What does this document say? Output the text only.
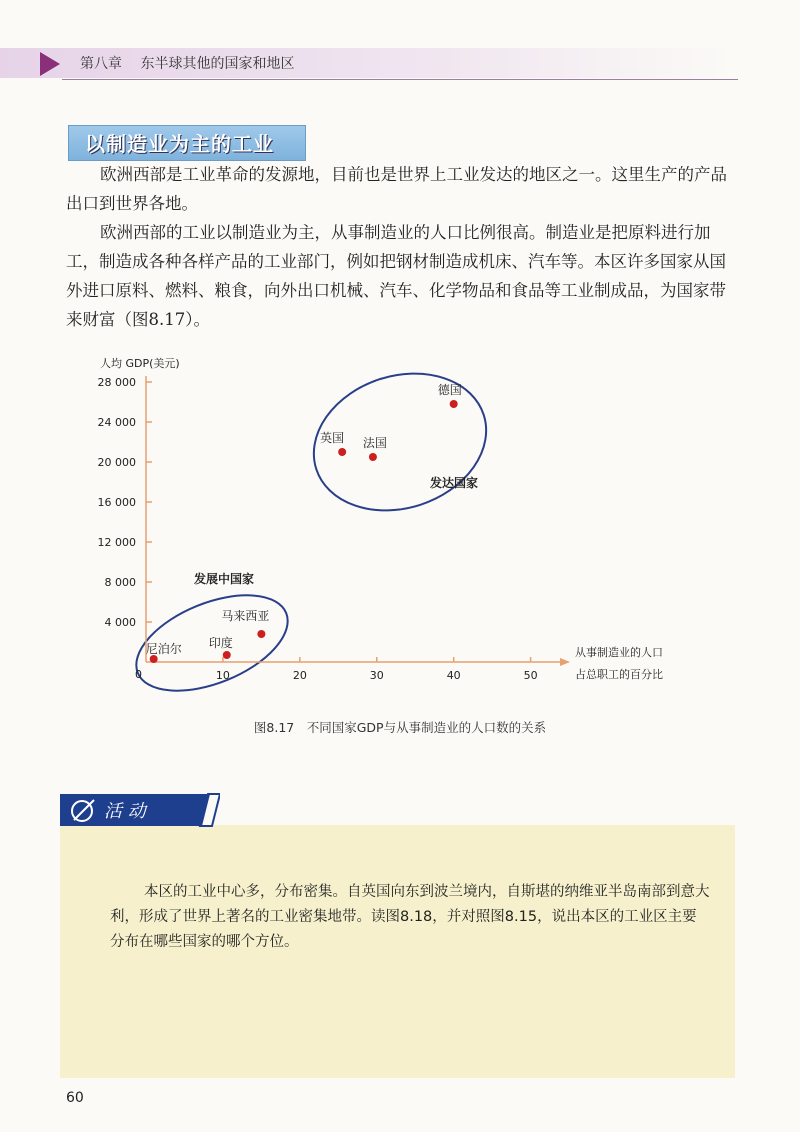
第八章 东半球其他的国家和地区
以制造业为主的工业

欧洲西部是工业革命的发源地，目前也是世界上工业发达的地区之一。这里生产的产品出口到世界各地。

欧洲西部的工业以制造业为主，从事制造业的人口比例很高。制造业是把原料进行加工，制造成各种各样产品的工业部门，例如把钢材制造成机床、汽车等。本区许多国家从国外进口原料、燃料、粮食，向外出口机械、汽车、化学物品和食品等工业制成品，为国家带来财富（图8.17）。

发达国家
发展中国家
人均 GDP(美元)
从事制造业的人口
占总职工的百分比
0	10	20	30	40	50
4 000
8 000
12 000
16 000
20 000
24 000
28 000
德国
英国 法国
马来西亚
印度
尼泊尔
图8.17　不同国家GDP与从事制造业的人口数的关系
活 动
本区的工业中心多，分布密集。自英国向东到波兰境内，自斯堪的纳维亚半岛南部到意大利，形成了世界上著名的工业密集地带。读图8.18，并对照图8.15，说出本区的工业区主要分布在哪些国家的哪个方位。
60
